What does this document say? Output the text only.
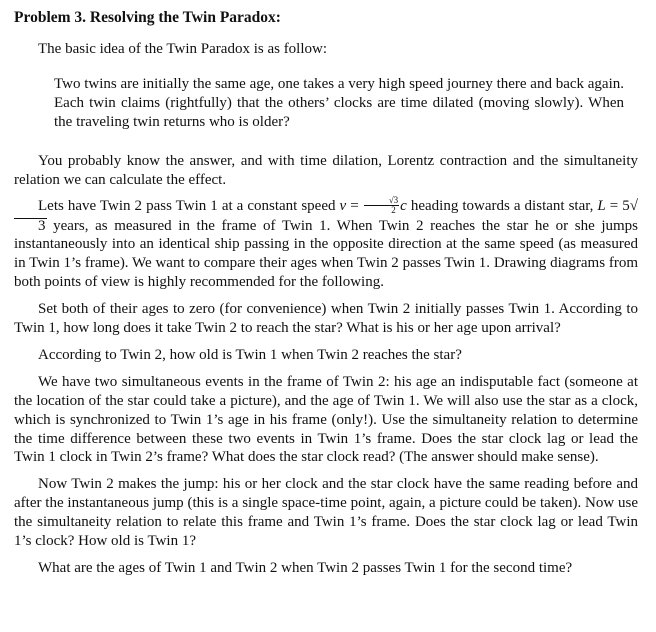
Problem 3. Resolving the Twin Paradox:

The basic idea of the Twin Paradox is as follow:

Two twins are initially the same age, one takes a very high speed journey there and back again. Each twin claims (rightfully) that the others’ clocks are time dilated (moving slowly). When the traveling twin returns who is older?

You probably know the answer, and with time dilation, Lorentz contraction and the simultaneity relation we can calculate the effect.

Lets have Twin 2 pass Twin 1 at a constant speed $v = \frac{√3}{2}$ c heading towards a distant star, L = 5√3 years, as measured in the frame of Twin 1. When Twin 2 reaches the star he or she jumps instantaneously into an identical ship passing in the opposite direction at the same speed (as measured in Twin 1’s frame). We want to compare their ages when Twin 2 passes Twin 1. Drawing diagrams from both points of view is highly recommended for the following.

Set both of their ages to zero (for convenience) when Twin 2 initially passes Twin 1. According to Twin 1, how long does it take Twin 2 to reach the star? What is his or her age upon arrival?

According to Twin 2, how old is Twin 1 when Twin 2 reaches the star?

We have two simultaneous events in the frame of Twin 2: his age an indisputable fact (someone at the location of the star could take a picture), and the age of Twin 1. We will also use the star as a clock, which is synchronized to Twin 1’s age in his frame (only!). Use the simultaneity relation to determine the time difference between these two events in Twin 1’s frame. Does the star clock lag or lead the Twin 1 clock in Twin 2’s frame? What does the star clock read? (The answer should make sense).

Now Twin 2 makes the jump: his or her clock and the star clock have the same reading before and after the instantaneous jump (this is a single space-time point, again, a picture could be taken). Now use the simultaneity relation to relate this frame and Twin 1’s frame. Does the star clock lag or lead Twin 1’s clock? How old is Twin 1?

What are the ages of Twin 1 and Twin 2 when Twin 2 passes Twin 1 for the second time?
